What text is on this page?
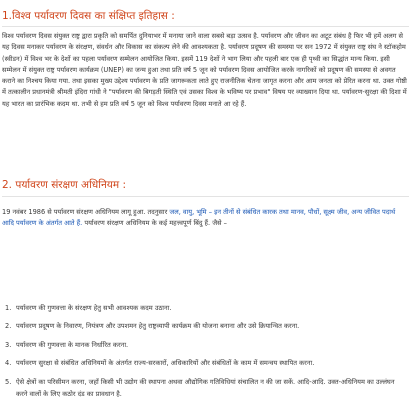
1.विश्व पर्यावरण दिवस का संक्षिप्त इतिहास :

विश्व पर्यावरण दिवस संयुक्त राष्ट्र द्वारा प्रकृति को समर्पित दुनियाभर में मनाया जाने वाला सबसे बड़ा उत्सव है. पर्यावरण और जीवन का अटूट संबंध है फिर भी हमें अलग से यह दिवस मनाकर पर्यावरण के संरक्षण, संवर्धन और विकास का संकल्प लेने की आवश्यकता है. पर्यावरण प्रदूषण की समस्या पर सन 1972 में संयुक्त राष्ट्र संघ ने स्टॉकहोम (स्वीडन) में विश्व भर के देशों का पहला पर्यावरण सम्मेलन आयोजित किया. इसमें 119 देशों ने भाग लिया और पहली बार एक ही पृथ्वी का सिद्धांत मान्य किया. इसी सम्मेलन में संयुक्त राष्ट्र पर्यावरण कार्यक्रम (UNEP) का जन्म हुआ तथा प्रति वर्ष 5 जून को पर्यावरण दिवस आयोजित करके नागरिकों को प्रदूषण की समस्या से अवगत कराने का निश्चय किया गया. तथा इसका मुख्य उद्देश्य पर्यावरण के प्रति जागरूकता लाते हुए राजनीतिक चेतना जागृत करना और आम जनता को प्रेरित करना था. उक्त गोष्ठी में तत्कालीन प्रधानमंत्री श्रीमती इंदिरा गांधी ने "पर्यावरण की बिगड़ती स्थिति एवं उसका विश्व के भविष्य पर प्रभाव" विषय पर व्याख्यान दिया था. पर्यावरण-सुरक्षा की दिशा में यह भारत का प्रारंभिक कदम था. तभी से हम प्रति वर्ष 5 जून को विश्व पर्यावरण दिवस मनाते आ रहे हैं.

2. पर्यावरण संरक्षण अधिनियम :

19 नवंबर 1986 से पर्यावरण संरक्षण अधिनियम लागू हुआ. तदनुसार जल, वायु, भूमि – इन तीनों से संबंधित कारक तथा मानव, पौधों, सूक्ष्म जीव, अन्य जीवित पदार्थ आदि पर्यावरण के अंतर्गत आते हैं. पर्यावरण संरक्षण अधिनियम के कई महत्त्वपूर्ण बिंदु हैं. जैसे –

1. पर्यावरण की गुणवत्ता के संरक्षण हेतु सभी आवश्यक कदम उठाना.
2. पर्यावरण प्रदूषण के निवारण, नियंत्रण और उपशमन हेतु राष्ट्रव्यापी कार्यक्रम की योजना बनाना और उसे क्रियान्वित करना.
3. पर्यावरण की गुणवत्ता के मानक निर्धारित करना.
4. पर्यावरण सुरक्षा से संबंधित अधिनियमों के अंतर्गत राज्य-सरकारों, अधिकारियों और संबंधितों के काम में समन्वय स्थापित करना.
5. ऐसे क्षेत्रों का परिसीमन करना, जहाँ किसी भी उद्योग की स्थापना अथवा औद्योगिक गतिविधियां संचालित न की जा सकें. आदि-आदि. उक्त-अधिनियम का उल्लंघन करने वालों के लिए कठोर दंड का प्रावधान है.
